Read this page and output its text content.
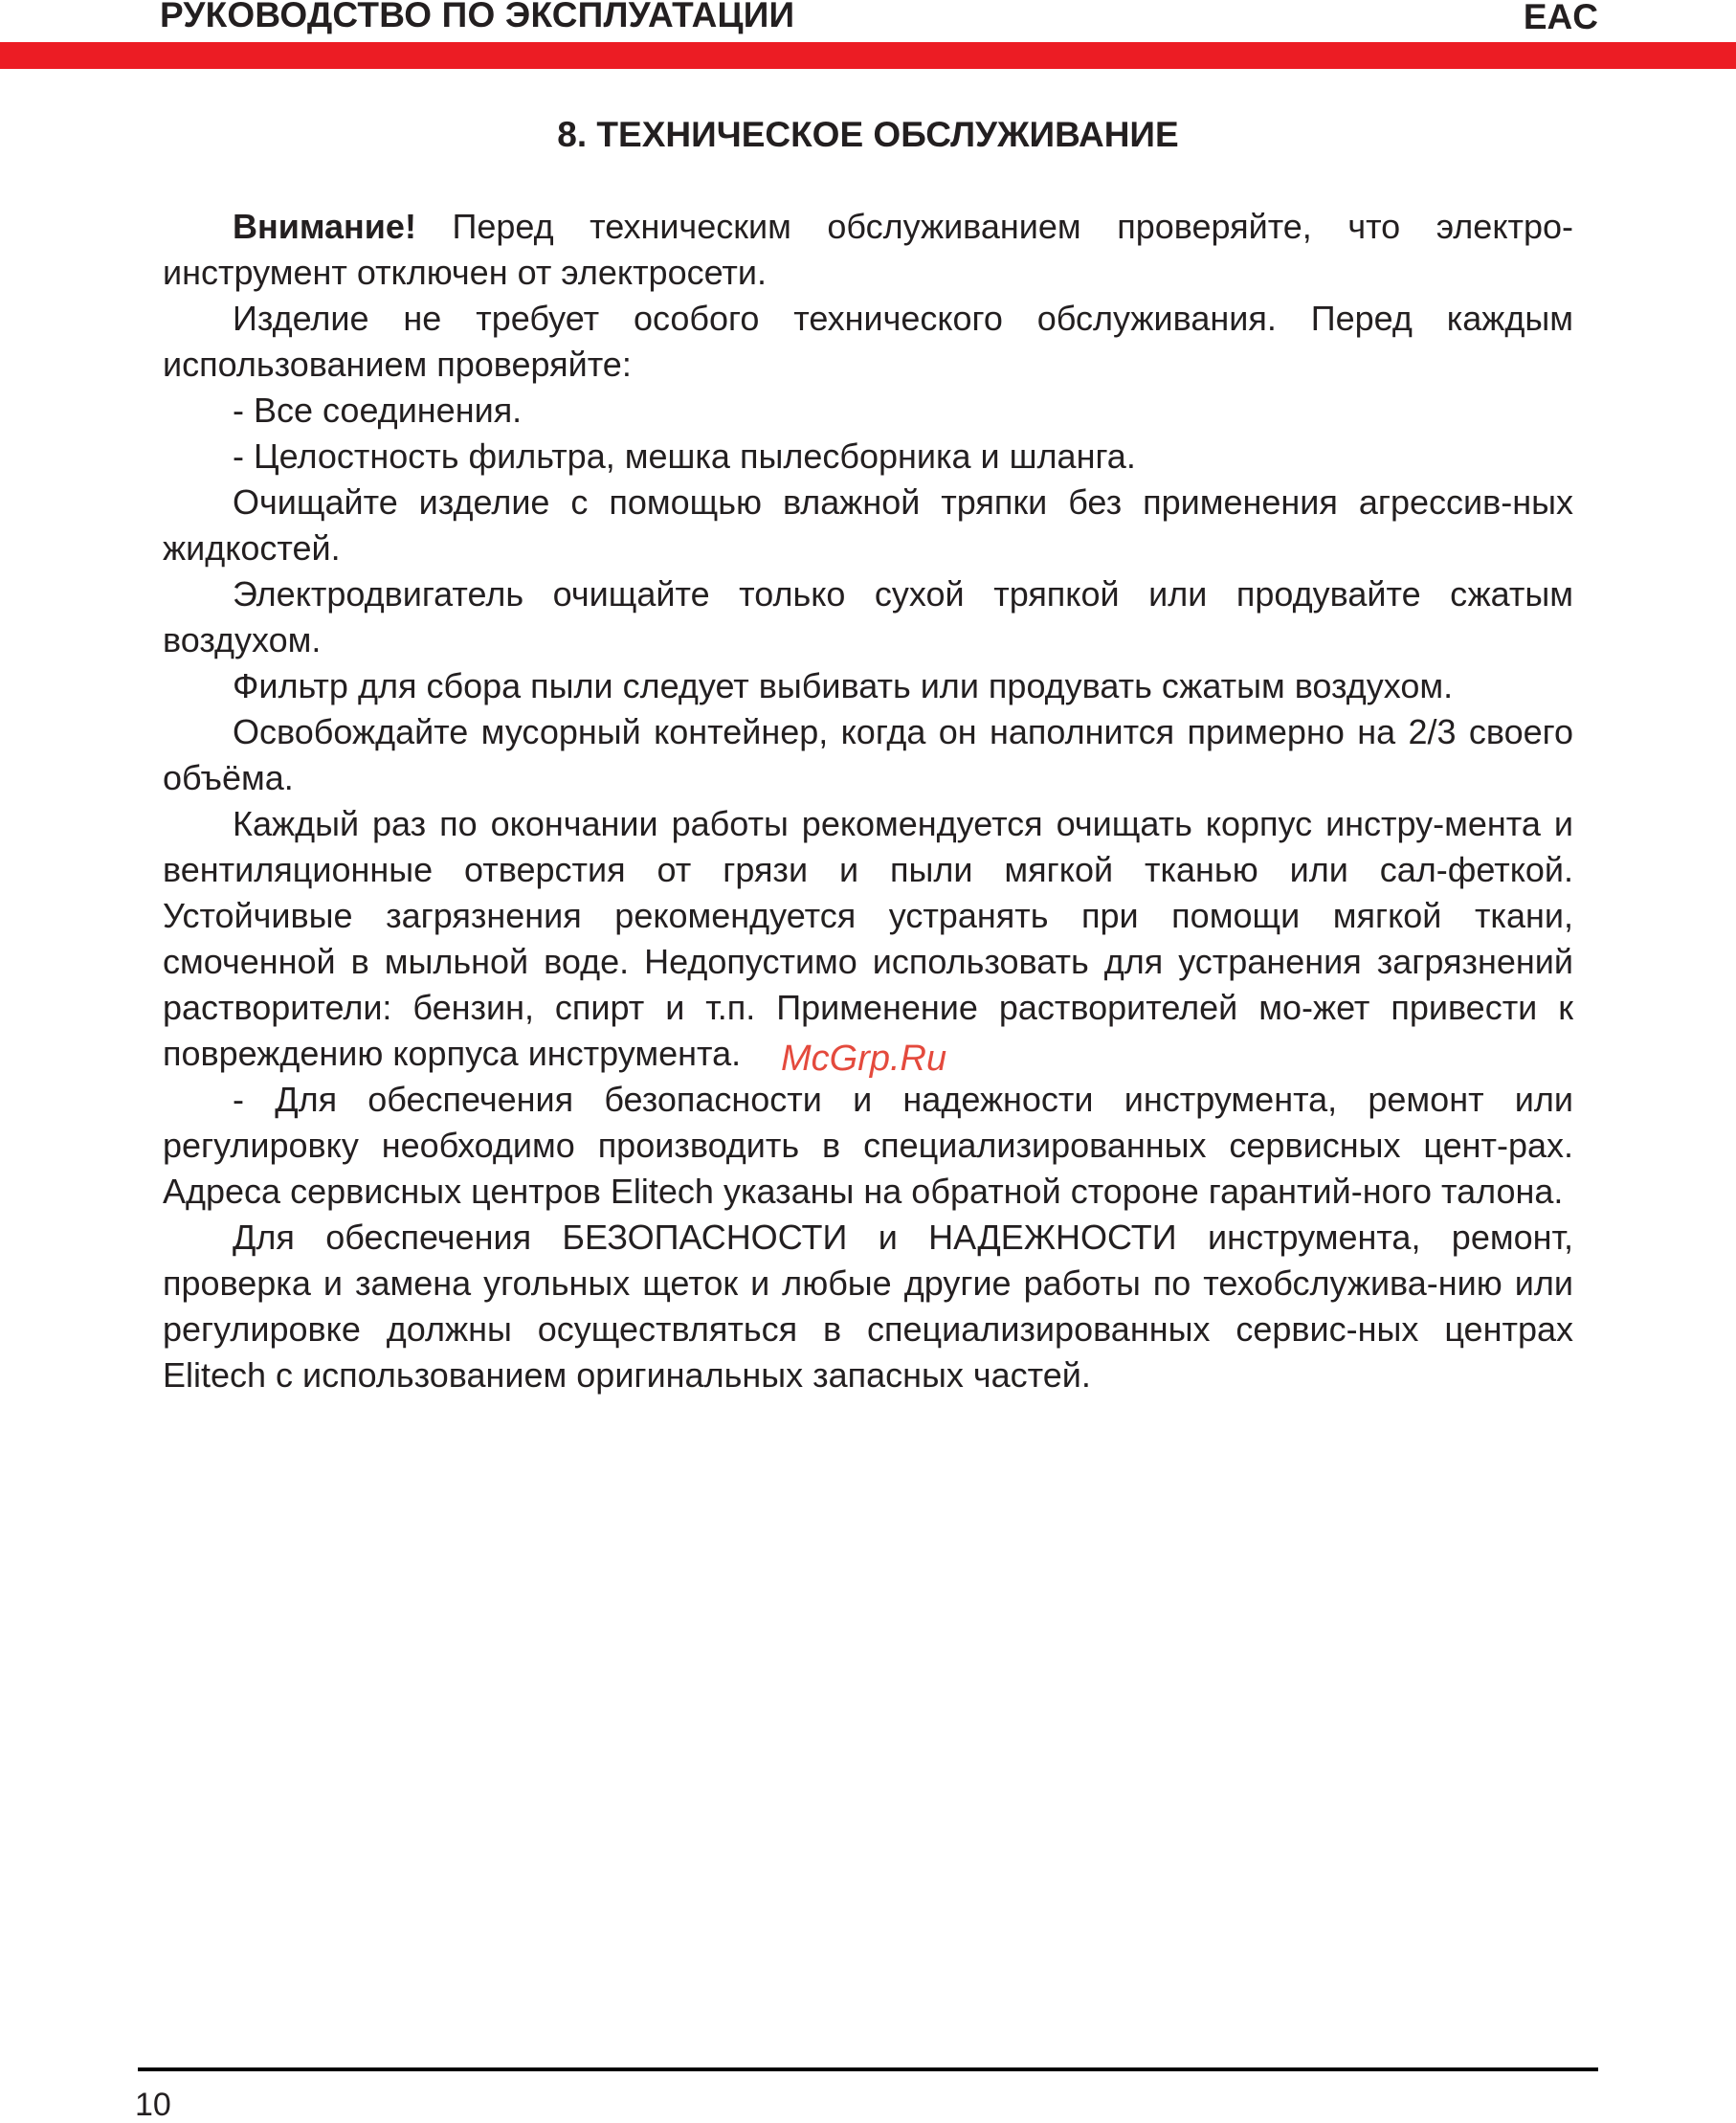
РУКОВОДСТВО ПО ЭКСПЛУАТАЦИИ	EAC
8. ТЕХНИЧЕСКОЕ ОБСЛУЖИВАНИЕ

Внимание! Перед техническим обслуживанием проверяйте, что электро-инструмент отключен от электросети.

Изделие не требует особого технического обслуживания. Перед каждым использованием проверяйте:

- Все соединения.

- Целостность фильтра, мешка пылесборника и шланга.

Очищайте изделие с помощью влажной тряпки без применения агрессив-ных жидкостей.

Электродвигатель очищайте только сухой тряпкой или продувайте сжатым воздухом.

Фильтр для сбора пыли следует выбивать или продувать сжатым воздухом.

Освобождайте мусорный контейнер, когда он наполнится примерно на 2/3 своего объёма.

Каждый раз по окончании работы рекомендуется очищать корпус инстру-мента и вентиляционные отверстия от грязи и пыли мягкой тканью или сал-феткой. Устойчивые загрязнения рекомендуется устранять при помощи мягкой ткани, смоченной в мыльной воде. Недопустимо использовать для устранения загрязнений растворители: бензин, спирт и т.п. Применение растворителей мо-жет привести к повреждению корпуса инструмента.

- Для обеспечения безопасности и надежности инструмента, ремонт или регулировку необходимо производить в специализированных сервисных цент-рах. Адреса сервисных центров Elitech указаны на обратной стороне гарантий-ного талона.

Для обеспечения БЕЗОПАСНОСТИ и НАДЕЖНОСТИ инструмента, ремонт, проверка и замена угольных щеток и любые другие работы по техобслужива-нию или регулировке должны осуществляться в специализированных сервис-ных центрах Elitech с использованием оригинальных запасных частей.

McGrp.Ru
10
